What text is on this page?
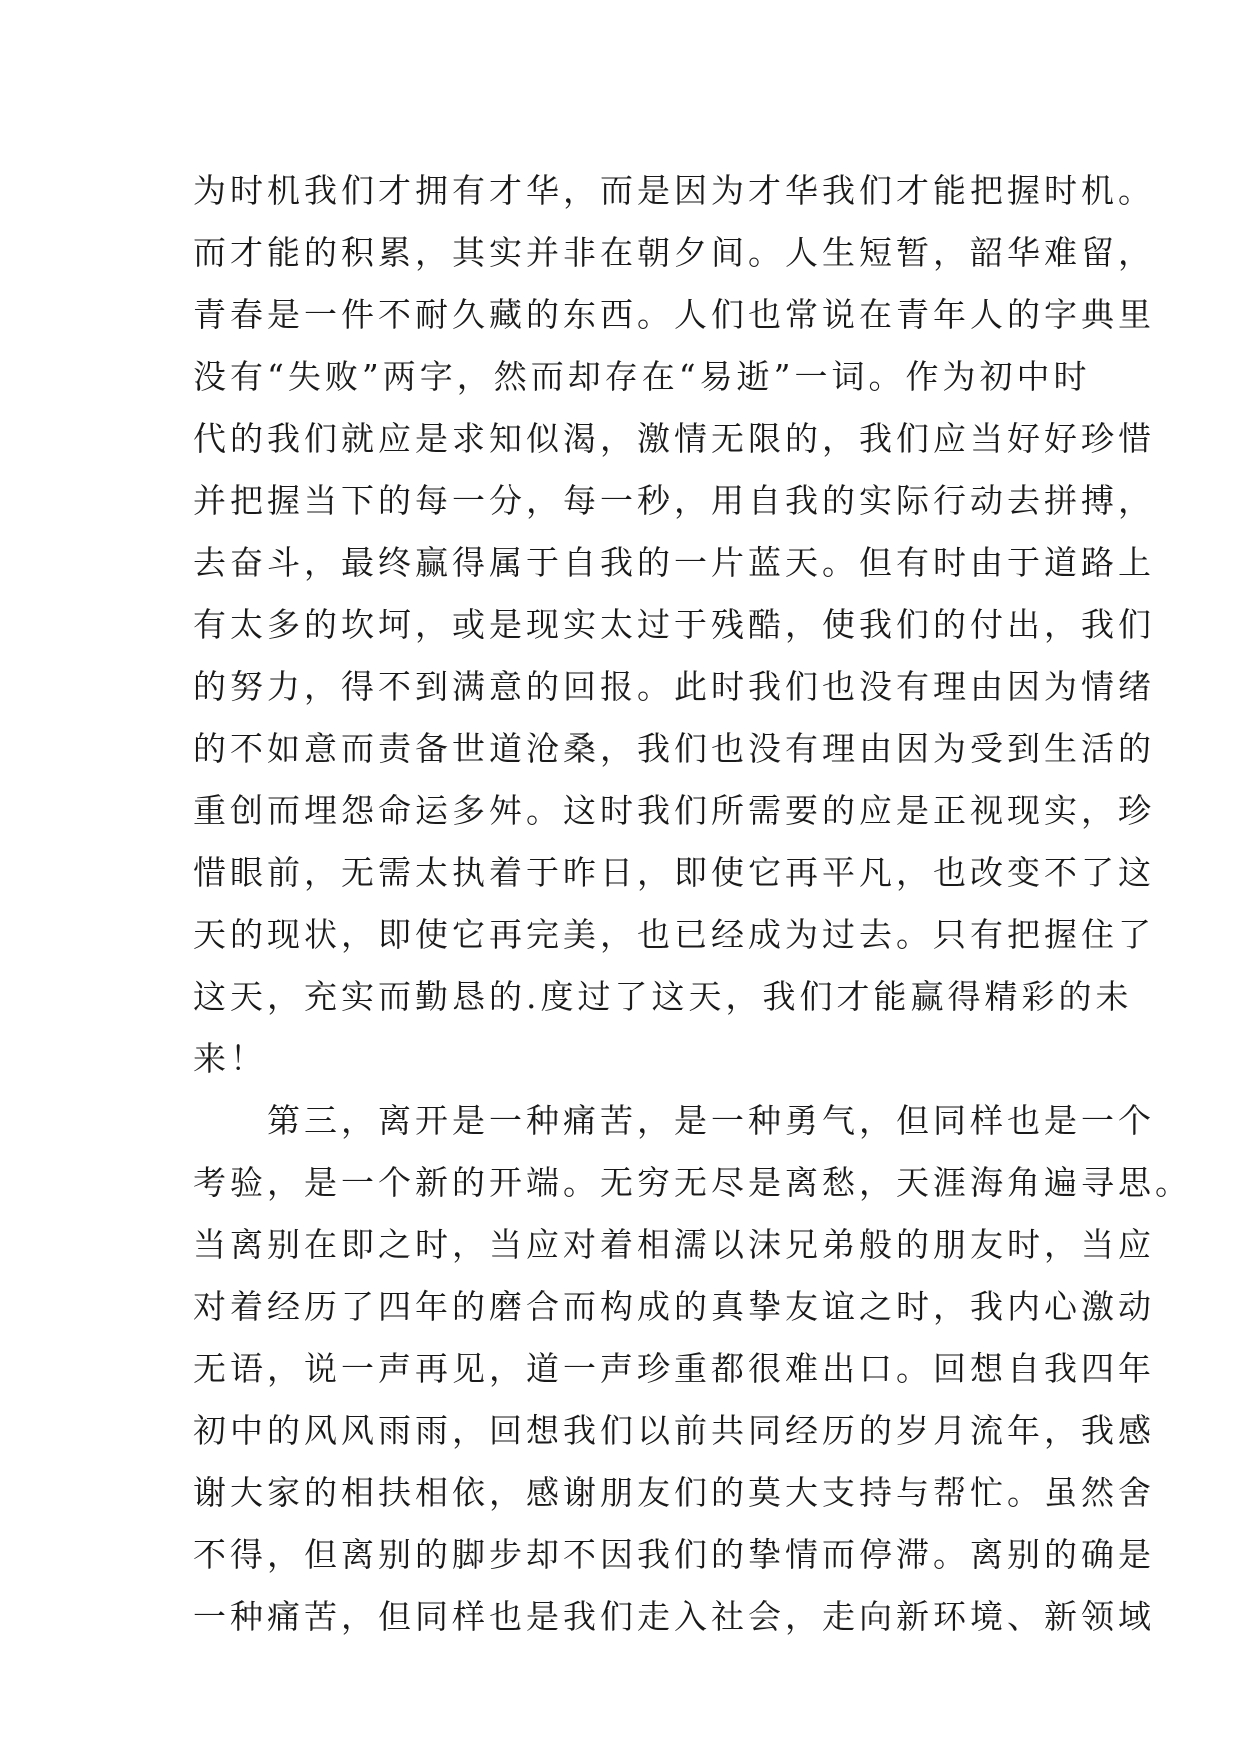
为时机我们才拥有才华，而是因为才华我们才能把握时机。
而才能的积累，其实并非在朝夕间。人生短暂，韶华难留，
青春是一件不耐久藏的东西。人们也常说在青年人的字典里
没有“失败”两字，然而却存在“易逝”一词。作为初中时
代的我们就应是求知似渴，激情无限的，我们应当好好珍惜
并把握当下的每一分，每一秒，用自我的实际行动去拼搏，
去奋斗，最终赢得属于自我的一片蓝天。但有时由于道路上
有太多的坎坷，或是现实太过于残酷，使我们的付出，我们
的努力，得不到满意的回报。此时我们也没有理由因为情绪
的不如意而责备世道沧桑，我们也没有理由因为受到生活的
重创而埋怨命运多舛。这时我们所需要的应是正视现实，珍
惜眼前，无需太执着于昨日，即使它再平凡，也改变不了这
天的现状，即使它再完美，也已经成为过去。只有把握住了
这天，充实而勤恳的.度过了这天，我们才能赢得精彩的未
来！
　　第三，离开是一种痛苦，是一种勇气，但同样也是一个
考验，是一个新的开端。无穷无尽是离愁，天涯海角遍寻思。
当离别在即之时，当应对着相濡以沫兄弟般的朋友时，当应
对着经历了四年的磨合而构成的真挚友谊之时，我内心激动
无语，说一声再见，道一声珍重都很难出口。回想自我四年
初中的风风雨雨，回想我们以前共同经历的岁月流年，我感
谢大家的相扶相依，感谢朋友们的莫大支持与帮忙。虽然舍
不得，但离别的脚步却不因我们的挚情而停滞。离别的确是
一种痛苦，但同样也是我们走入社会，走向新环境、新领域
